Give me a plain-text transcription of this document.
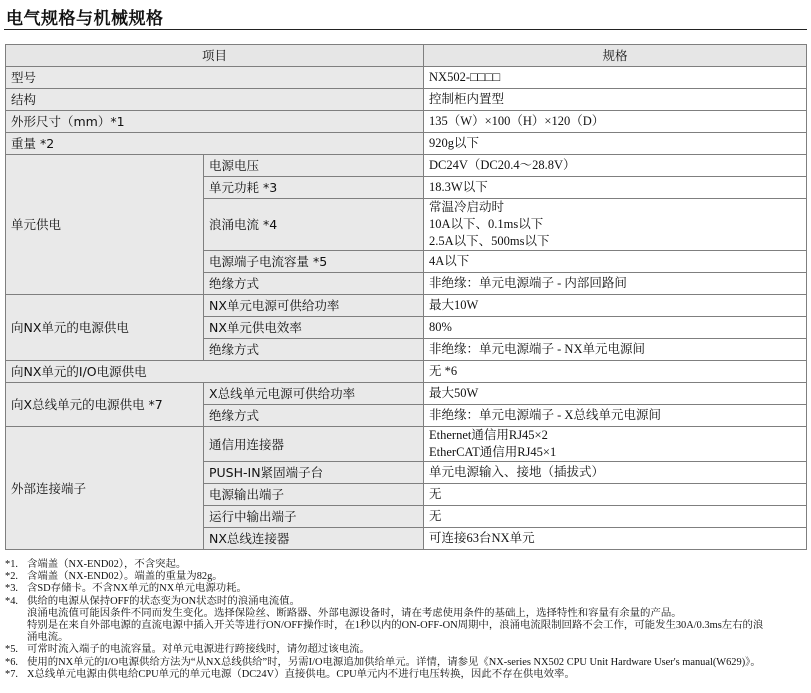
电气规格与机械规格
项目		规格
型号		NX502-□□□□
结构		控制柜内置型
外形尺寸（mm）*1		135（W）×100（H）×120（D）
重量 *2		920g以下
单元供电	电源电压	DC24V（DC20.4～28.8V）
	单元功耗 *3	18.3W以下
	浪涌电流 *4	常温冷启动时
10A以下、0.1ms以下
2.5A以下、500ms以下

	电源端子电流容量 *5	4A以下
	绝缘方式	非绝缘：单元电源端子 - 内部回路间
向NX单元的电源供电	NX单元电源可供给功率	最大10W
	NX单元供电效率	80%
	绝缘方式	非绝缘：单元电源端子 - NX单元电源间
向NX单元的I/O电源供电		无 *6
向X总线单元的电源供电 *7	X总线单元电源可供给功率	最大50W
	绝缘方式	非绝缘：单元电源端子 - X总线单元电源间
外部连接端子	通信用连接器	Ethernet通信用RJ45×2
EtherCAT通信用RJ45×1

	PUSH-IN紧固端子台	单元电源输入、接地（插拔式）
	电源输出端子	无
	运行中输出端子	无
	NX总线连接器	可连接63台NX单元
*1. 含端盖（NX-END02），不含突起。
*2. 含端盖（NX-END02）。端盖的重量为82g。
*3. 含SD存储卡。不含NX单元的NX单元电源功耗。
*4. 供给的电源从保持OFF的状态变为ON状态时的浪涌电流值。
浪涌电流值可能因条件不同而发生变化。选择保险丝、断路器、外部电源设备时，请在考虑使用条件的基础上，选择特性和容量有余量的产品。
特别是在来自外部电源的直流电源中插入开关等进行ON/OFF操作时，在1秒以内的ON-OFF-ON周期中，浪涌电流限制回路不会工作，可能发生30A/0.3ms左右的浪
涌电流。
*5. 可常时流入端子的电流容量。对单元电源进行跨接线时，请勿超过该电流。
*6. 使用的NX单元的I/O电源供给方法为“从NX总线供给”时，另需I/O电源追加供给单元。详情，请参见《NX-series NX502 CPU Unit Hardware User's manual(W629)》。
*7. X总线单元电源由供电给CPU单元的单元电源（DC24V）直接供电。CPU单元内不进行电压转换，因此不存在供电效率。
